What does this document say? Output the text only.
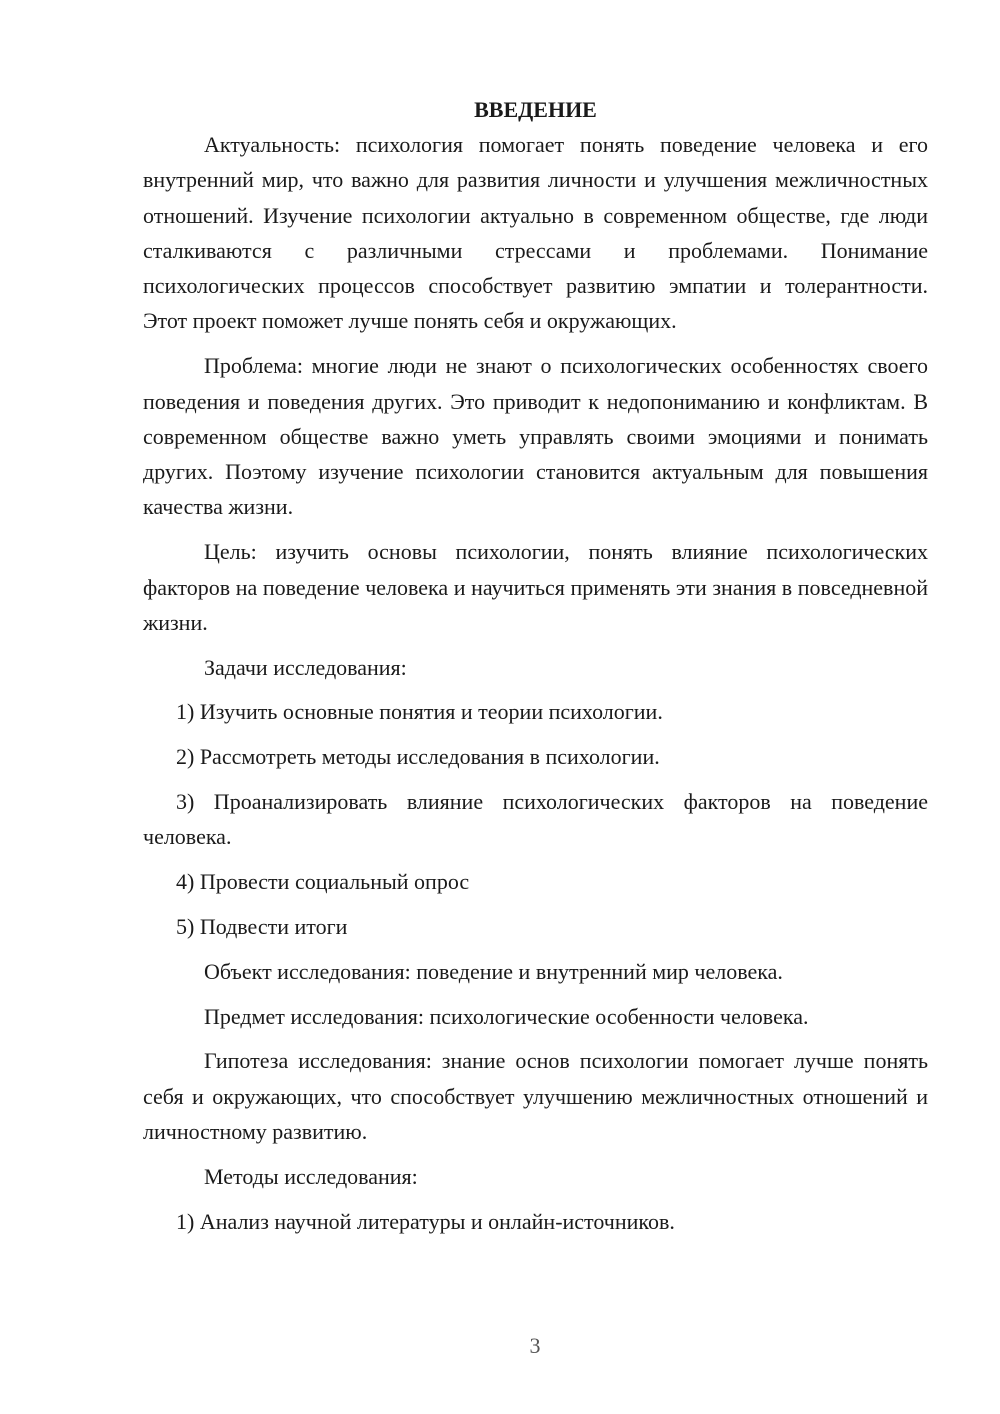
ВВЕДЕНИЕ

Актуальность: психология помогает понять поведение человека и его внутренний мир, что важно для развития личности и улучшения межличностных отношений. Изучение психологии актуально в современном обществе, где люди сталкиваются с различными стрессами и проблемами. Понимание психологических процессов способствует развитию эмпатии и толерантности. Этот проект поможет лучше понять себя и окружающих.

Проблема: многие люди не знают о психологических особенностях своего поведения и поведения других. Это приводит к недопониманию и конфликтам. В современном обществе важно уметь управлять своими эмоциями и понимать других. Поэтому изучение психологии становится актуальным для повышения качества жизни.

Цель: изучить основы психологии, понять влияние психологических факторов на поведение человека и научиться применять эти знания в повседневной жизни.

Задачи исследования:

1) Изучить основные понятия и теории психологии.

2) Рассмотреть методы исследования в психологии.

3) Проанализировать влияние психологических факторов на поведение человека.

4) Провести социальный опрос

5) Подвести итоги

Объект исследования: поведение и внутренний мир человека.

Предмет исследования: психологические особенности человека.

Гипотеза исследования: знание основ психологии помогает лучше понять себя и окружающих, что способствует улучшению межличностных отношений и личностному развитию.

Методы исследования:

1) Анализ научной литературы и онлайн-источников.

3
